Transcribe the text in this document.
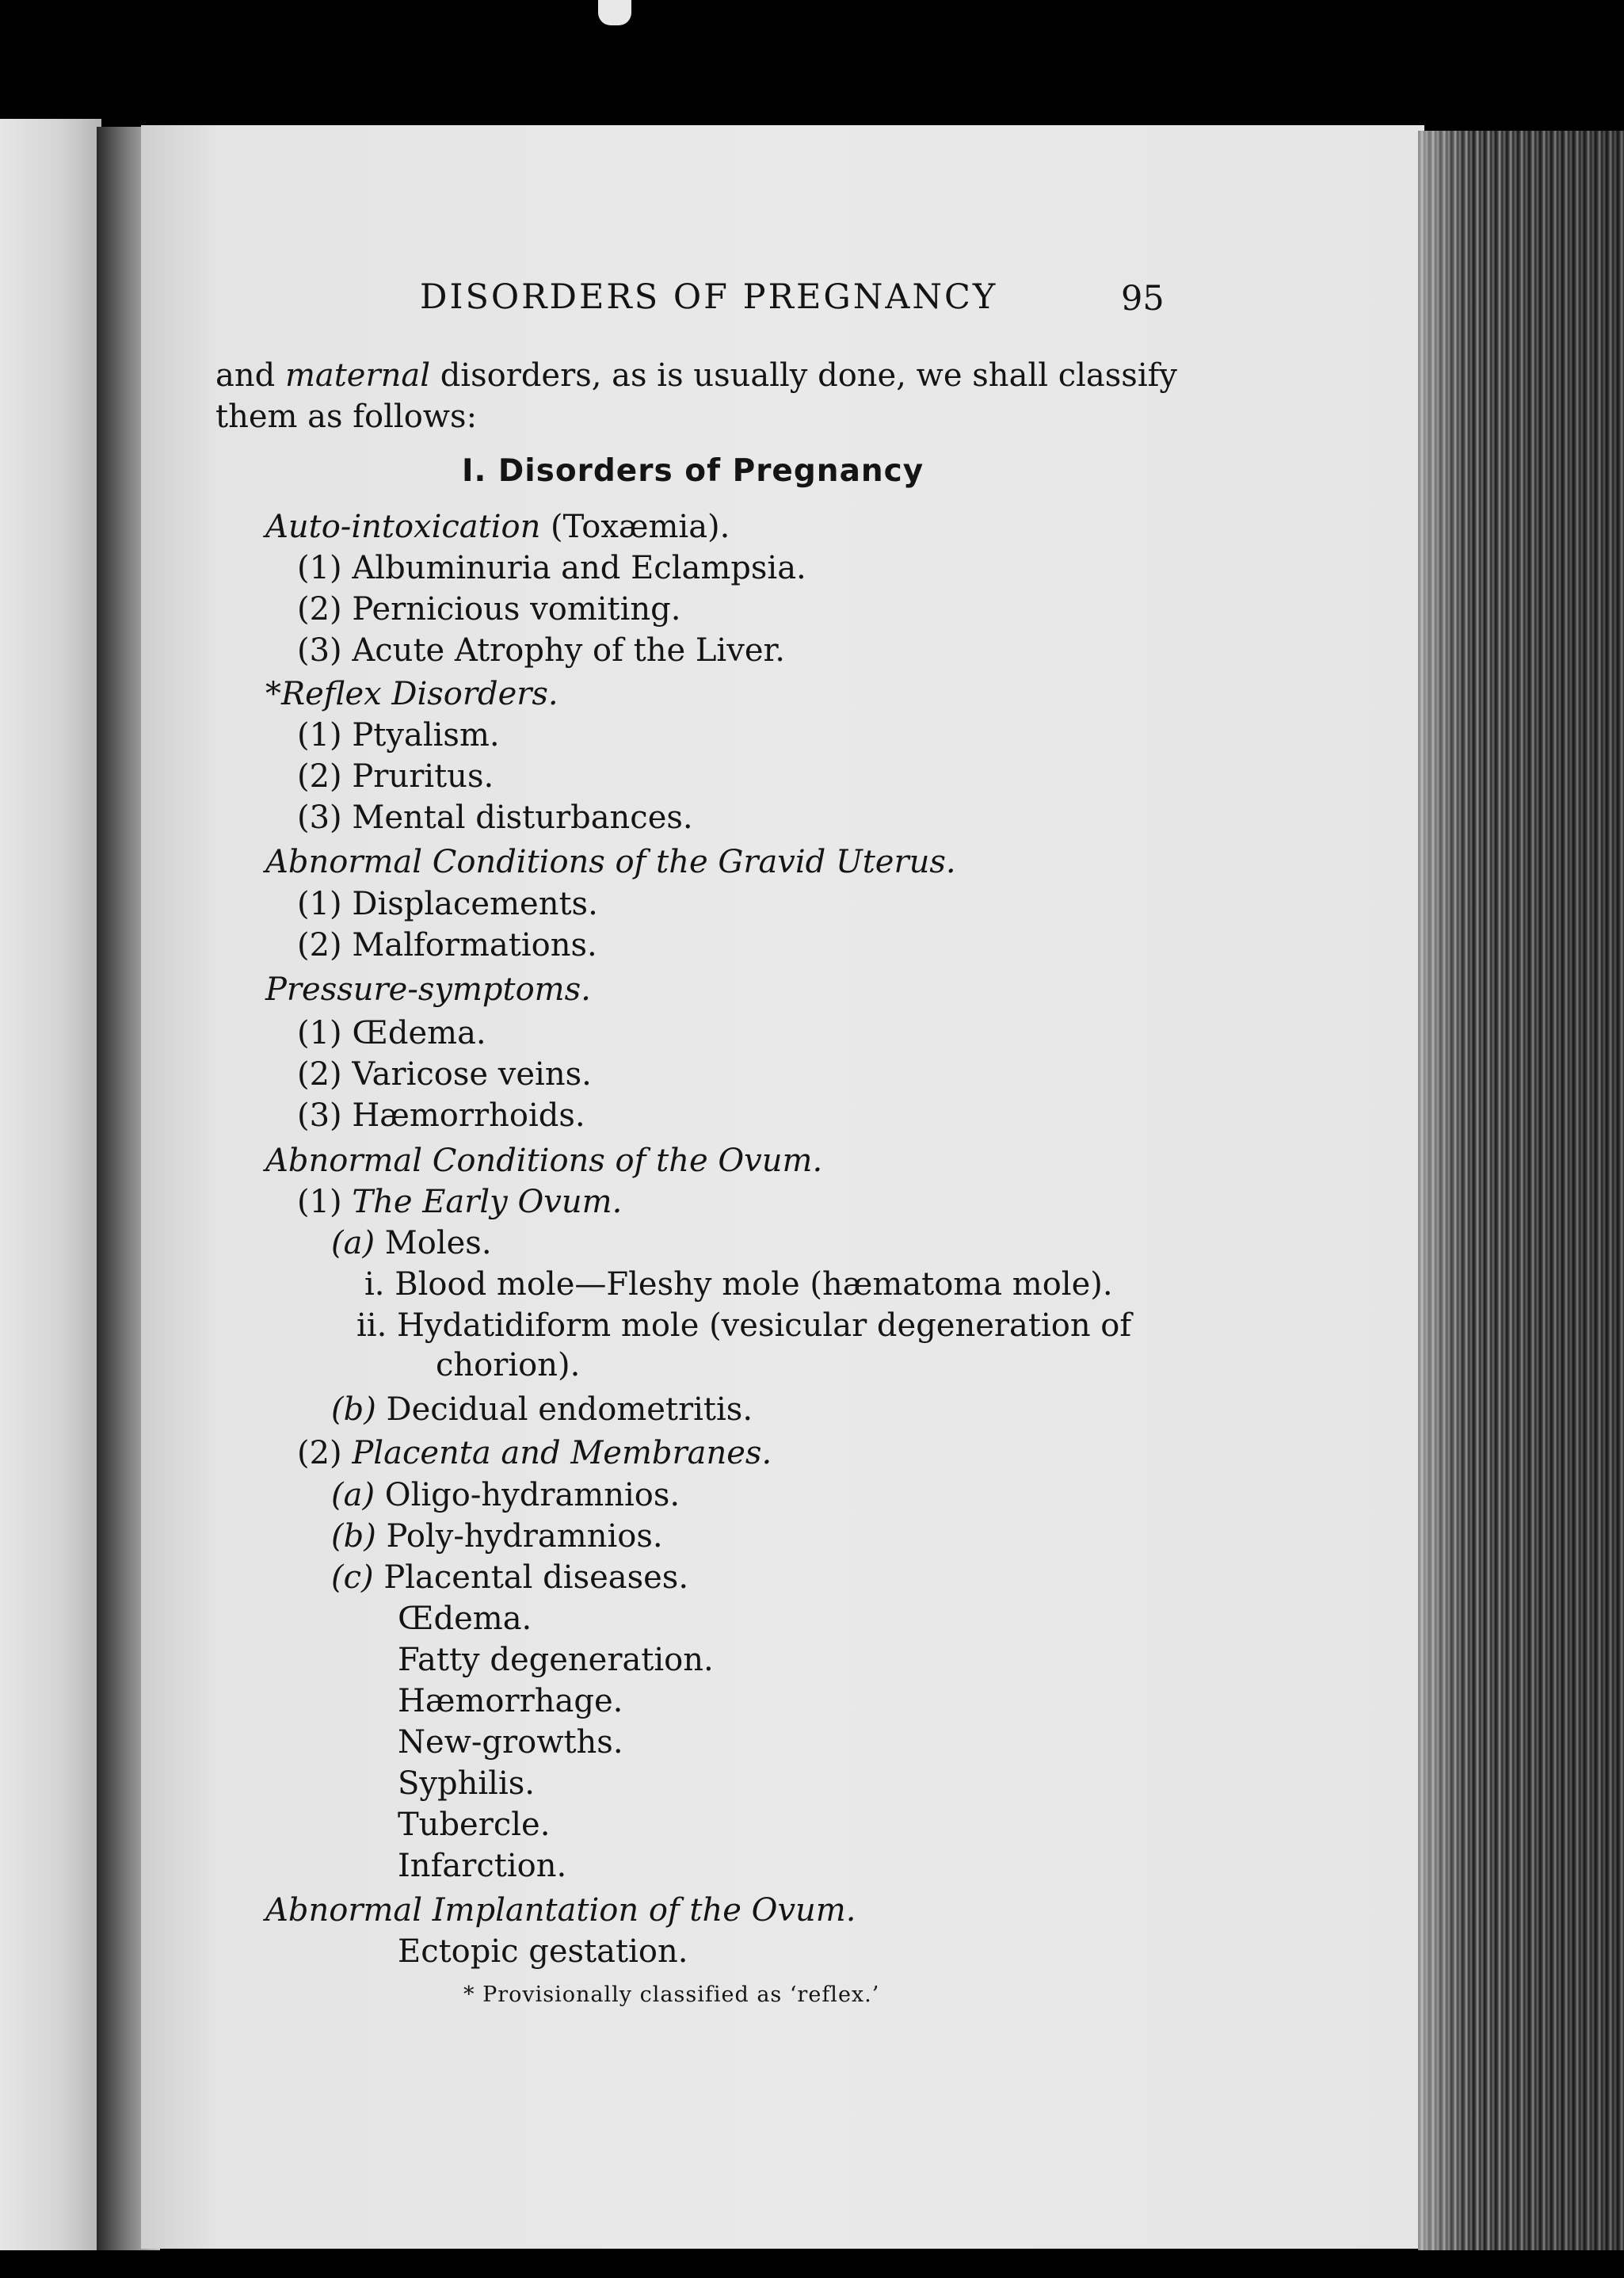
DISORDERS OF PREGNANCY	95
and maternal disorders, as is usually done, we shall classify
them as follows:
I. Disorders of Pregnancy
Auto-intoxication (Toxæmia).
(1) Albuminuria and Eclampsia.
(2) Pernicious vomiting.
(3) Acute Atrophy of the Liver.
*Reflex Disorders.
(1) Ptyalism.
(2) Pruritus.
(3) Mental disturbances.
Abnormal Conditions of the Gravid Uterus.
(1) Displacements.
(2) Malformations.
Pressure-symptoms.
(1) Œdema.
(2) Varicose veins.
(3) Hæmorrhoids.
Abnormal Conditions of the Ovum.
(1) The Early Ovum.
(a) Moles.
i. Blood mole—Fleshy mole (hæmatoma mole).
ii. Hydatidiform mole (vesicular degeneration of
chorion).
(b) Decidual endometritis.
(2) Placenta and Membranes.
(a) Oligo-hydramnios.
(b) Poly-hydramnios.
(c) Placental diseases.
Œdema.
Fatty degeneration.
Hæmorrhage.
New-growths.
Syphilis.
Tubercle.
Infarction.
Abnormal Implantation of the Ovum.
Ectopic gestation.
* Provisionally classified as ‘reflex.’
